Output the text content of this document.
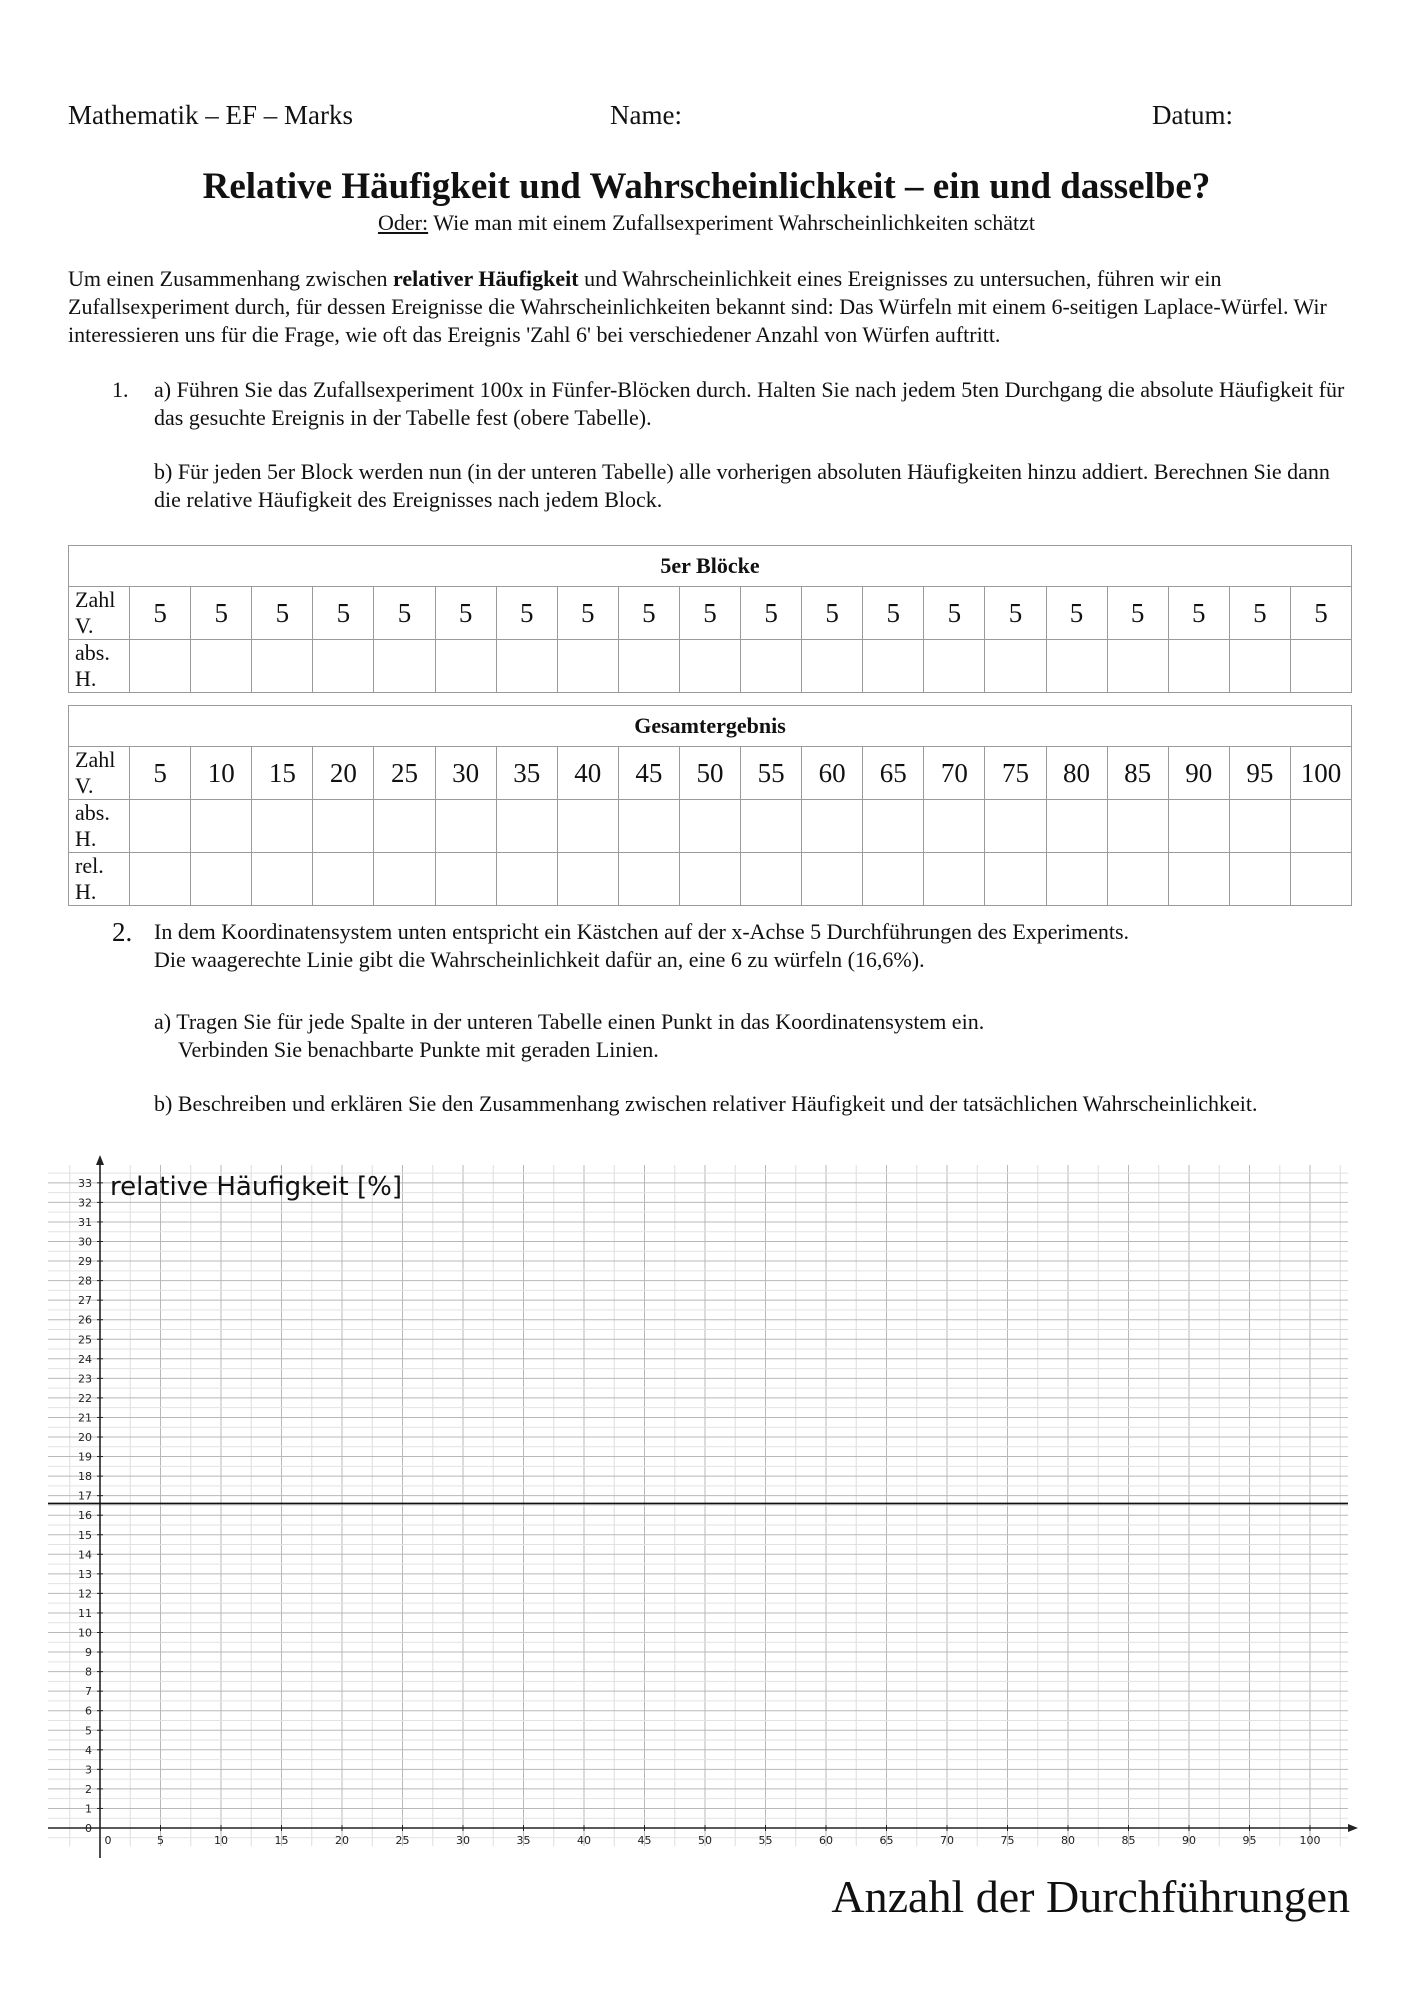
Mathematik – EF – Marks	Name:	Datum:
Relative Häufigkeit und Wahrscheinlichkeit – ein und dasselbe?
Oder: Wie man mit einem Zufallsexperiment Wahrscheinlichkeiten schätzt
Um einen Zusammenhang zwischen relativer Häufigkeit und Wahrscheinlichkeit eines Ereignisses zu untersuchen, führen wir ein Zufallsexperiment durch, für dessen Ereignisse die Wahrscheinlichkeiten bekannt sind: Das Würfeln mit einem 6-seitigen Laplace-Würfel. Wir interessieren uns für die Frage, wie oft das Ereignis 'Zahl 6' bei verschiedener Anzahl von Würfen auftritt.
1. a) Führen Sie das Zufallsexperiment 100x in Fünfer-Blöcken durch. Halten Sie nach jedem 5ten Durchgang die absolute Häufigkeit für das gesuchte Ereignis in der Tabelle fest (obere Tabelle).
b) Für jeden 5er Block werden nun (in der unteren Tabelle) alle vorherigen absoluten Häufigkeiten hinzu addiert. Berechnen Sie dann die relative Häufigkeit des Ereignisses nach jedem Block.
5er Blöcke																				
Zahl V.	5	5	5	5	5	5	5	5	5	5	5	5	5	5	5	5	5	5	5	5
abs. H.																				
Gesamtergebnis																				
Zahl V.	5	10	15	20	25	30	35	40	45	50	55	60	65	70	75	80	85	90	95	100
abs. H.																				
rel. H.																				
2. In dem Koordinatensystem unten entspricht ein Kästchen auf der x-Achse 5 Durchführungen des Experiments.
Die waagerechte Linie gibt die Wahrscheinlichkeit dafür an, eine 6 zu würfeln (16,6%).
a) Tragen Sie für jede Spalte in der unteren Tabelle einen Punkt in das Koordinatensystem ein.
Verbinden Sie benachbarte Punkte mit geraden Linien.
b) Beschreiben und erklären Sie den Zusammenhang zwischen relativer Häufigkeit und der tatsächlichen Wahrscheinlichkeit.
0	5	10	15	20	25	30	35	40	45	50	55	60	65	70	75	80	85	90	95	100
0
1
2
3
4
5
6
7
8
9
10
11
12
13
14
15
16
17
18
19
20
21
22
23
24
25
26
27
28
29
30
31
32
33 relative Häufigkeit [%]
Anzahl der Durchführungen
